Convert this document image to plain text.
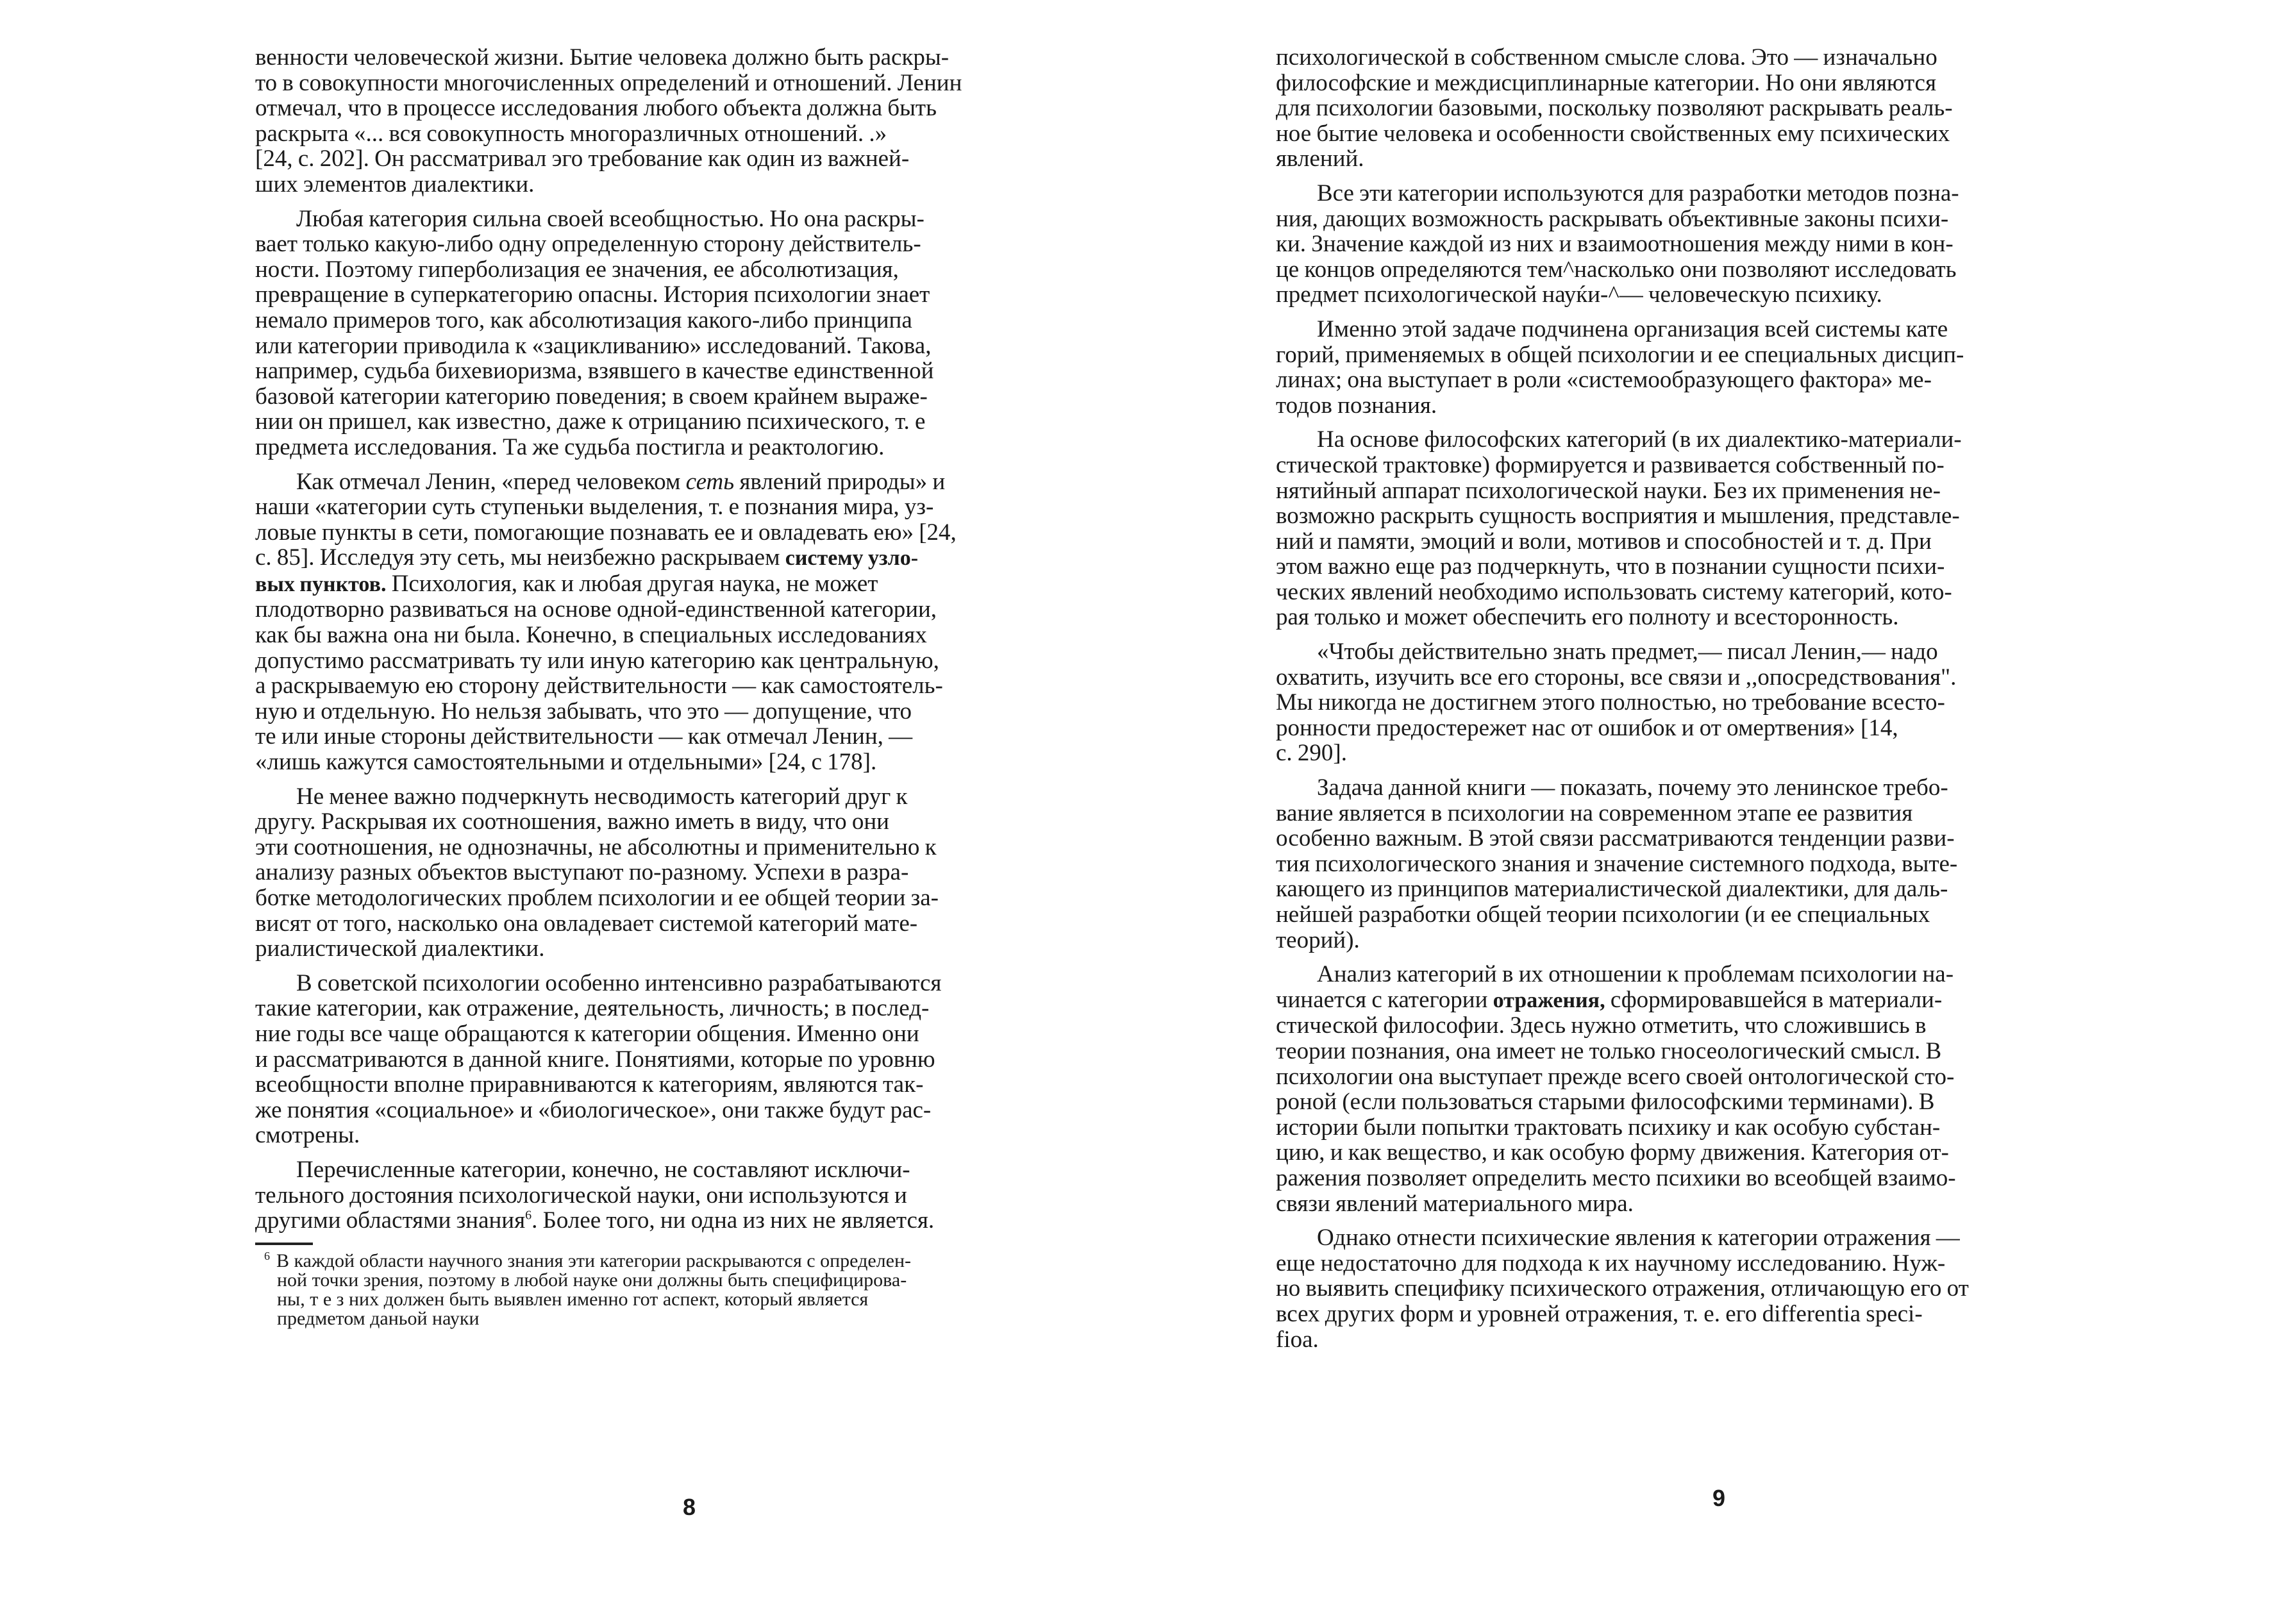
венности человеческой жизни. Бытие человека должно быть раскры-
то в совокупности многочисленных определений и отношений. Ленин
отмечал, что в процессе исследования любого объекта должна быть
раскрыта «... вся совокупность многоразличных отношений. .»
[24, с. 202]. Он рассматривал эго требование как один из важней-
ших элементов диалектики.

Любая категория сильна своей всеобщностью. Но она раскры-
вает только какую-либо одну определенную сторону действитель-
ности. Поэтому гиперболизация ее значения, ее абсолютизация,
превращение в суперкатегорию опасны. История психологии знает
немало примеров того, как абсолютизация какого-либо принципа
или категории приводила к «зацикливанию» исследований. Такова,
например, судьба бихевиоризма, взявшего в качестве единственной
базовой категории категорию поведения; в своем крайнем выраже-
нии он пришел, как известно, даже к отрицанию психического, т. е
предмета исследования. Та же судьба постигла и реактологию.

Как отмечал Ленин, «перед человеком сеть явлений природы» и
наши «категории суть ступеньки выделения, т. е познания мира, уз-
ловые пункты в сети, помогающие познавать ее и овладевать ею» [24,
с. 85]. Исследуя эту сеть, мы неизбежно раскрываем систему узло-
вых пунктов. Психология, как и любая другая наука, не может
плодотворно развиваться на основе одной-единственной категории,
как бы важна она ни была. Конечно, в специальных исследованиях
допустимо рассматривать ту или иную категорию как центральную,
а раскрываемую ею сторону действительности — как самостоятель-
ную и отдельную. Но нельзя забывать, что это — допущение, что
те или иные стороны действительности — как отмечал Ленин, —
«лишь кажутся самостоятельными и отдельными» [24, с 178].

Не менее важно подчеркнуть несводимость категорий друг к
другу. Раскрывая их соотношения, важно иметь в виду, что они
эти соотношения, не однозначны, не абсолютны и применительно к
анализу разных объектов выступают по-разному. Успехи в разра-
ботке методологических проблем психологии и ее общей теории за-
висят от того, насколько она овладевает системой категорий мате-
риалистической диалектики.

В советской психологии особенно интенсивно разрабатываются
такие категории, как отражение, деятельность, личность; в послед-
ние годы все чаще обращаются к категории общения. Именно они
и рассматриваются в данной книге. Понятиями, которые по уровню
всеобщности вполне приравниваются к категориям, являются так-
же понятия «социальное» и «биологическое», они также будут рас-
смотрены.

Перечисленные категории, конечно, не составляют исключи-
тельного достояния психологической науки, они используются и
другими областями знания$^6$. Более того, ни одна из них не является.

$^6$ В каждой области научного знания эти категории раскрываются с определен-
ной точки зрения, поэтому в любой науке они должны быть специфицирова-
ны, т е з них должен быть выявлен именно гот аспект, который является
предметом даньой науки

8

психологической в собственном смысле слова. Это — изначально
философские и междисциплинарные категории. Но они являются
для психологии базовыми, поскольку позволяют раскрывать реаль-
ное бытие человека и особенности свойственных ему психических
явлений.

Все эти категории используются для разработки методов позна-
ния, дающих возможность раскрывать объективные законы психи-
ки. Значение каждой из них и взаимоотношения между ними в кон-
це концов определяются тем^насколько они позволяют исследовать
предмет психологической науќи-^— человеческую психику.

Именно этой задаче подчинена организация всей системы кате
горий, применяемых в общей психологии и ее специальных дисцип-
линах; она выступает в роли «системообразующего фактора» ме-
тодов познания.

На основе философских категорий (в их диалектико-материали-
стической трактовке) формируется и развивается собственный по-
нятийный аппарат психологической науки. Без их применения не-
возможно раскрыть сущность восприятия и мышления, представле-
ний и памяти, эмоций и воли, мотивов и способностей и т. д. При
этом важно еще раз подчеркнуть, что в познании сущности психи-
ческих явлений необходимо использовать систему категорий, кото-
рая только и может обеспечить его полноту и всесторонность.

«Чтобы действительно знать предмет,— писал Ленин,— надо
охватить, изучить все его стороны, все связи и ,,опосредствования".
Мы никогда не достигнем этого полностью, но требование всесто-
ронности предостережет нас от ошибок и от омертвения» [14,
с. 290].

Задача данной книги — показать, почему это ленинское требо-
вание является в психологии на современном этапе ее развития
особенно важным. В этой связи рассматриваются тенденции разви-
тия психологического знания и значение системного подхода, выте-
кающего из принципов материалистической диалектики, для даль-
нейшей разработки общей теории психологии (и ее специальных
теорий).

Анализ категорий в их отношении к проблемам психологии на-
чинается с категории отражения, сформировавшейся в материали-
стической философии. Здесь нужно отметить, что сложившись в
теории познания, она имеет не только гносеологический смысл. В
психологии она выступает прежде всего своей онтологической сто-
роной (если пользоваться старыми философскими терминами). В
истории были попытки трактовать психику и как особую субстан-
цию, и как вещество, и как особую форму движения. Категория от-
ражения позволяет определить место психики во всеобщей взаимо-
связи явлений материального мира.

Однако отнести психические явления к категории отражения —
еще недостаточно для подхода к их научному исследованию. Нуж-
но выявить специфику психического отражения, отличающую его от
всех других форм и уровней отражения, т. е. его differentia speci-
fioa.

9
